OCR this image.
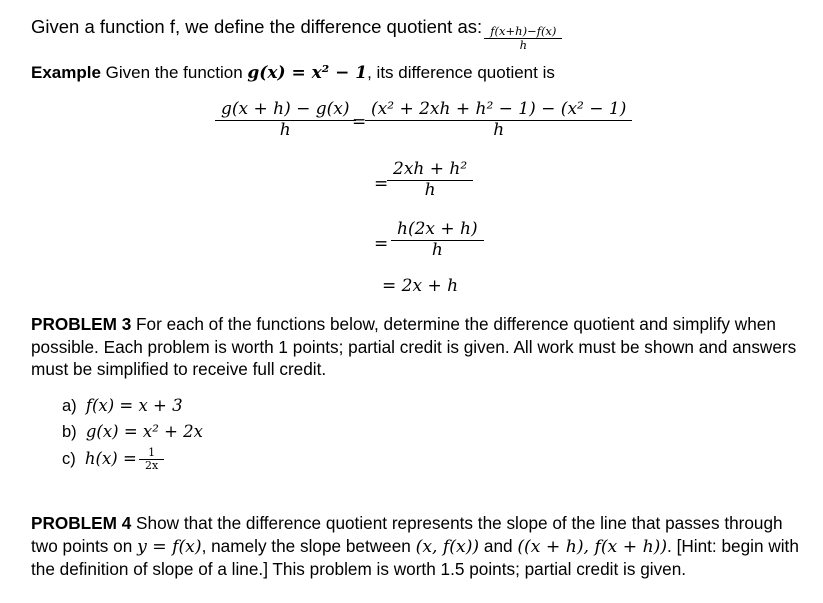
Given a function f, we define the difference quotient as: $\frac{f(x+h)-f(x)}{h}$
Example Given the function g(x) = x² − 1, its difference quotient is
$\frac{g(x + h) - g(x)}{h} = \frac{\text{(x² + 2xh + h² − 1) − (x² − 1)}}{h}$
= $\frac{\text{2xh + h²}}{h}$
= $\frac{h(2x + h)}{h}$
= 2x + h
PROBLEM 3 For each of the functions below, determine the difference quotient and simplify when possible. Each problem is worth 1 points; partial credit is given. All work must be shown and answers must be simplified to receive full credit.
a) f(x) = x + 3
b) g(x) = x² + 2x
c) $h(x) = \frac{1}{2x}$
PROBLEM 4 Show that the difference quotient represents the slope of the line that passes through two points on y = f(x), namely the slope between (x, f(x)) and ((x + h), f(x + h)). [Hint: begin with the definition of slope of a line.] This problem is worth 1.5 points; partial credit is given.
